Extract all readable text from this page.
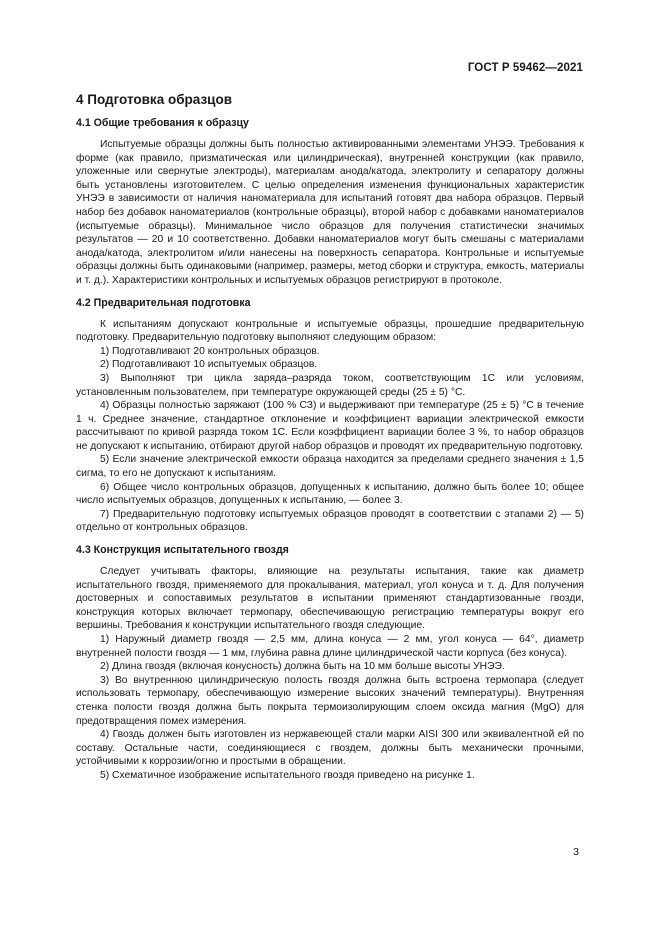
ГОСТ Р 59462—2021
4 Подготовка образцов
4.1 Общие требования к образцу

Испытуемые образцы должны быть полностью активированными элементами УНЭЭ. Требования к форме (как правило, призматическая или цилиндрическая), внутренней конструкции (как правило, уложенные или свернутые электроды), материалам анода/катода, электролиту и сепаратору должны быть установлены изготовителем. С целью определения изменения функциональных характеристик УНЭЭ в зависимости от наличия наноматериала для испытаний готовят два набора образцов. Первый набор без добавок наноматериалов (контрольные образцы), второй набор с добавками наноматериалов (испытуемые образцы). Минимальное число образцов для получения статистически значимых результатов — 20 и 10 соответственно. Добавки наноматериалов могут быть смешаны с материалами анода/катода, электролитом и/или нанесены на поверхность сепаратора. Контрольные и испытуемые образцы должны быть одинаковыми (например, размеры, метод сборки и структура, емкость, материалы и т. д.). Характеристики контрольных и испытуемых образцов регистрируют в протоколе.

4.2 Предварительная подготовка

К испытаниям допускают контрольные и испытуемые образцы, прошедшие предварительную подготовку. Предварительную подготовку выполняют следующим образом:

1) Подготавливают 20 контрольных образцов.

2) Подготавливают 10 испытуемых образцов.

3) Выполняют три цикла заряда–разряда током, соответствующим 1C или условиям, установленным пользователем, при температуре окружающей среды (25 ± 5) °C.

4) Образцы полностью заряжают (100 % СЗ) и выдерживают при температуре (25 ± 5) °C в течение 1 ч. Среднее значение, стандартное отклонение и коэффициент вариации электрической емкости рассчитывают по кривой разряда током 1C. Если коэффициент вариации более 3 %, то набор образцов не допускают к испытанию, отбирают другой набор образцов и проводят их предварительную подготовку.

5) Если значение электрической емкости образца находится за пределами среднего значения ± 1,5 сигма, то его не допускают к испытаниям.

6) Общее число контрольных образцов, допущенных к испытанию, должно быть более 10; общее число испытуемых образцов, допущенных к испытанию, — более 3.

7) Предварительную подготовку испытуемых образцов проводят в соответствии с этапами 2) — 5) отдельно от контрольных образцов.

4.3 Конструкция испытательного гвоздя

Следует учитывать факторы, влияющие на результаты испытания, такие как диаметр испытательного гвоздя, применяемого для прокалывания, материал, угол конуса и т. д. Для получения достоверных и сопоставимых результатов в испытании применяют стандартизованные гвозди, конструкция которых включает термопару, обеспечивающую регистрацию температуры вокруг его вершины. Требования к конструкции испытательного гвоздя следующие.

1) Наружный диаметр гвоздя — 2,5 мм, длина конуса — 2 мм, угол конуса — 64°, диаметр внутренней полости гвоздя — 1 мм, глубина равна длине цилиндрической части корпуса (без конуса).

2) Длина гвоздя (включая конусность) должна быть на 10 мм больше высоты УНЭЭ.

3) Во внутреннюю цилиндрическую полость гвоздя должна быть встроена термопара (следует использовать термопару, обеспечивающую измерение высоких значений температуры). Внутренняя стенка полости гвоздя должна быть покрыта термоизолирующим слоем оксида магния (MgO) для предотвращения помех измерения.

4) Гвоздь должен быть изготовлен из нержавеющей стали марки AISI 300 или эквивалентной ей по составу. Остальные части, соединяющиеся с гвоздем, должны быть механически прочными, устойчивыми к коррозии/огню и простыми в обращении.

5) Схематичное изображение испытательного гвоздя приведено на рисунке 1.

3
